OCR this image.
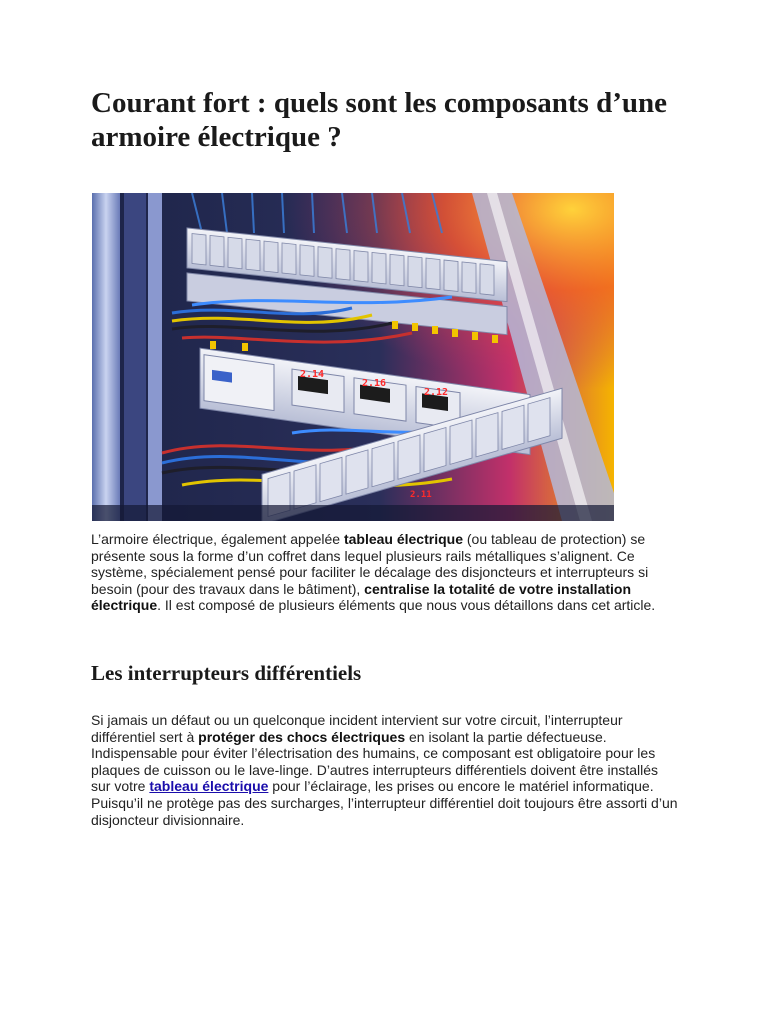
Courant fort : quels sont les composants d’une armoire électrique ?
2.14
2.16
2.12
2.11

L’armoire électrique, également appelée tableau électrique (ou tableau de protection) se présente sous la forme d’un coffret dans lequel plusieurs rails métalliques s’alignent. Ce système, spécialement pensé pour faciliter le décalage des disjoncteurs et interrupteurs si besoin (pour des travaux dans le bâtiment), centralise la totalité de votre installation électrique. Il est composé de plusieurs éléments que nous vous détaillons dans cet article.

Les interrupteurs différentiels

Si jamais un défaut ou un quelconque incident intervient sur votre circuit, l’interrupteur différentiel sert à protéger des chocs électriques en isolant la partie défectueuse. Indispensable pour éviter l’électrisation des humains, ce composant est obligatoire pour les plaques de cuisson ou le lave-linge. D’autres interrupteurs différentiels doivent être installés sur votre tableau électrique pour l’éclairage, les prises ou encore le matériel informatique. Puisqu’il ne protège pas des surcharges, l’interrupteur différentiel doit toujours être assorti d’un disjoncteur divisionnaire.
